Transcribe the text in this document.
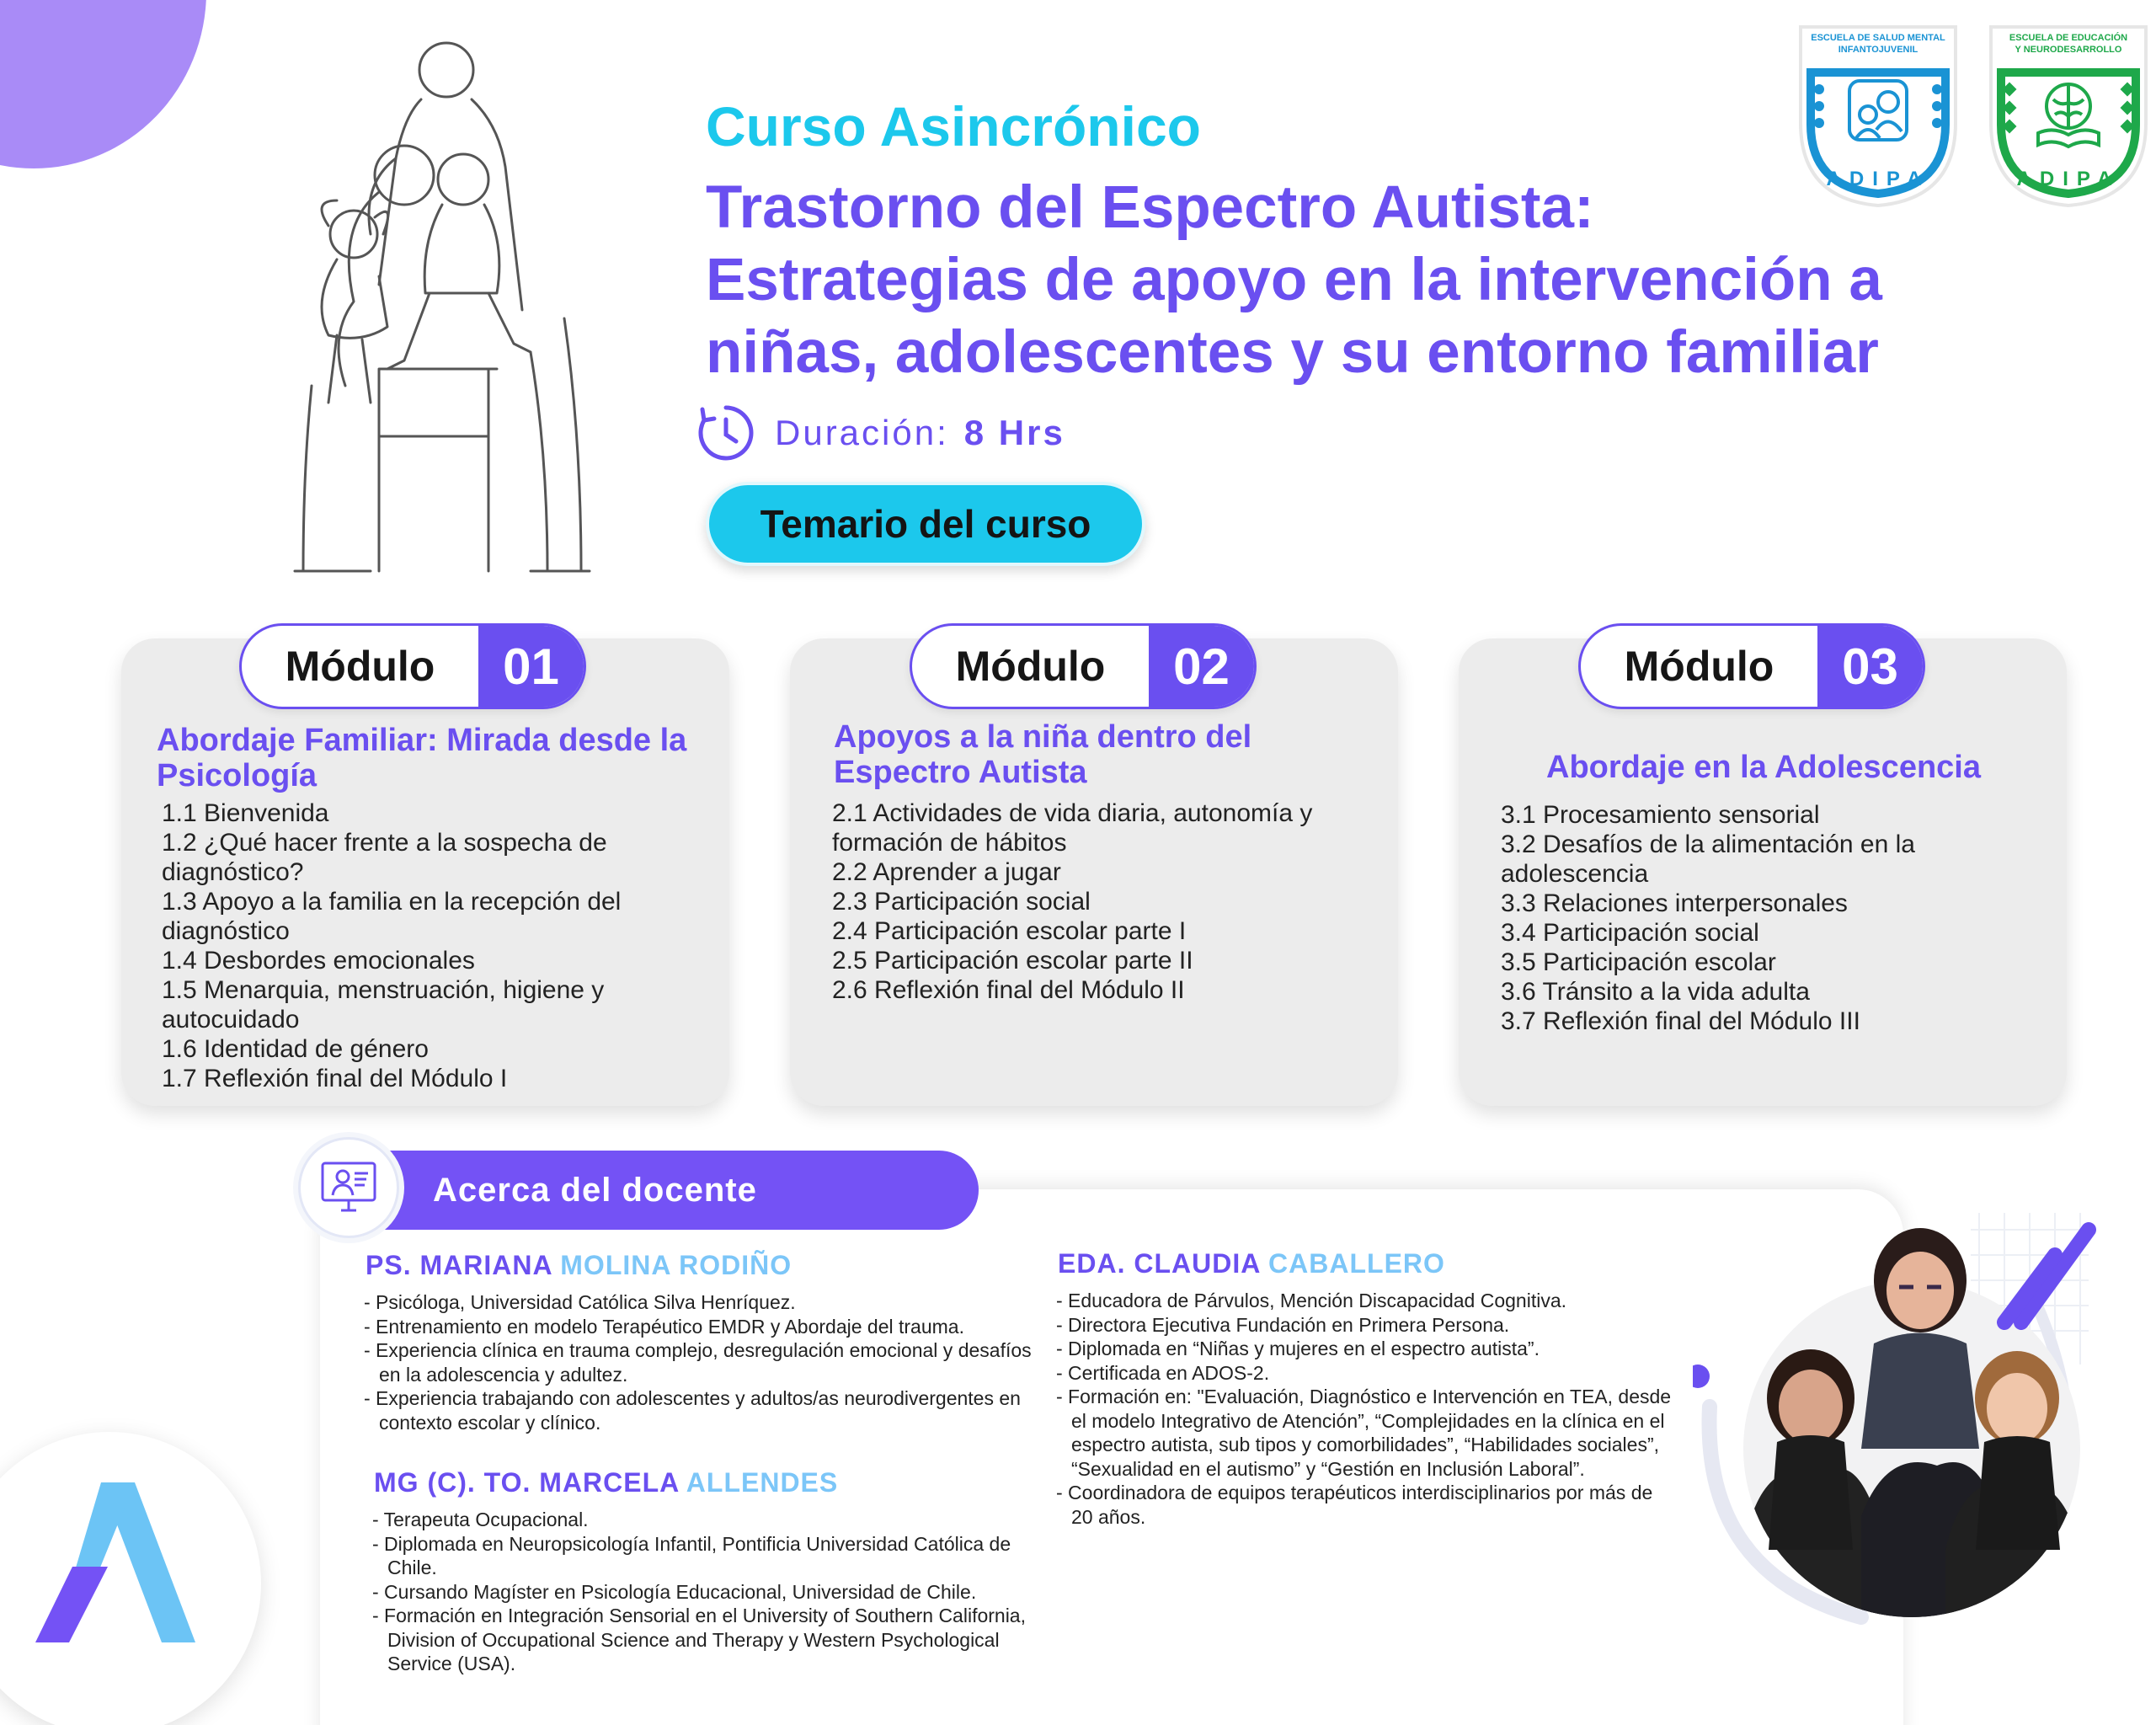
Curso Asincrónico
Trastorno del Espectro Autista:
Estrategias de apoyo en la intervención a
niñas, adolescentes y su entorno familiar
Duración: 8 Hrs
Temario del curso
ESCUELA DE SALUD MENTAL
INFANTOJUVENIL
ADIPA
ESCUELA DE EDUCACIÓN
Y NEURODESARROLLO
ADIPA
Módulo	01	Módulo	02	Módulo	03
Abordaje Familiar: Mirada desde la Psicología
Apoyos a la niña dentro del Espectro Autista	Abordaje en la Adolescencia
1.1 Bienvenida
1.2 ¿Qué hacer frente a la sospecha de diagnóstico?
1.3 Apoyo a la familia en la recepción del diagnóstico
1.4 Desbordes emocionales
1.5 Menarquia, menstruación, higiene y autocuidado
1.6 Identidad de género
1.7 Reflexión final del Módulo I
2.1 Actividades de vida diaria, autonomía y formación de hábitos
2.2 Aprender a jugar
2.3 Participación social
2.4 Participación escolar parte I
2.5 Participación escolar parte II
2.6 Reflexión final del Módulo II
3.1 Procesamiento sensorial
3.2 Desafíos de la alimentación en la adolescencia
3.3 Relaciones interpersonales
3.4 Participación social
3.5 Participación escolar
3.6 Tránsito a la vida adulta
3.7 Reflexión final del Módulo III
Acerca del docente
PS. MARIANA MOLINA RODIÑO
- Psicóloga, Universidad Católica Silva Henríquez.
- Entrenamiento en modelo Terapéutico EMDR y Abordaje del trauma.
- Experiencia clínica en trauma complejo, desregulación emocional y desafíos en la adolescencia y adultez.
- Experiencia trabajando con adolescentes y adultos/as neurodivergentes en contexto escolar y clínico.
MG (C). TO. MARCELA ALLENDES
- Terapeuta Ocupacional.
- Diplomada en Neuropsicología Infantil, Pontificia Universidad Católica de Chile.
- Cursando Magíster en Psicología Educacional, Universidad de Chile.
- Formación en Integración Sensorial en el University of Southern California, Division of Occupational Science and Therapy y Western Psychological Service (USA).
EDA. CLAUDIA CABALLERO
- Educadora de Párvulos, Mención Discapacidad Cognitiva.
- Directora Ejecutiva Fundación en Primera Persona.
- Diplomada en “Niñas y mujeres en el espectro autista”.
- Certificada en ADOS-2.
- Formación en: "Evaluación, Diagnóstico e Intervención en TEA, desde el modelo Integrativo de Atención”, “Complejidades en la clínica en el espectro autista, sub tipos y comorbilidades”, “Habilidades sociales”, “Sexualidad en el autismo” y “Gestión en Inclusión Laboral”.
- Coordinadora de equipos terapéuticos interdisciplinarios por más de 20 años.
